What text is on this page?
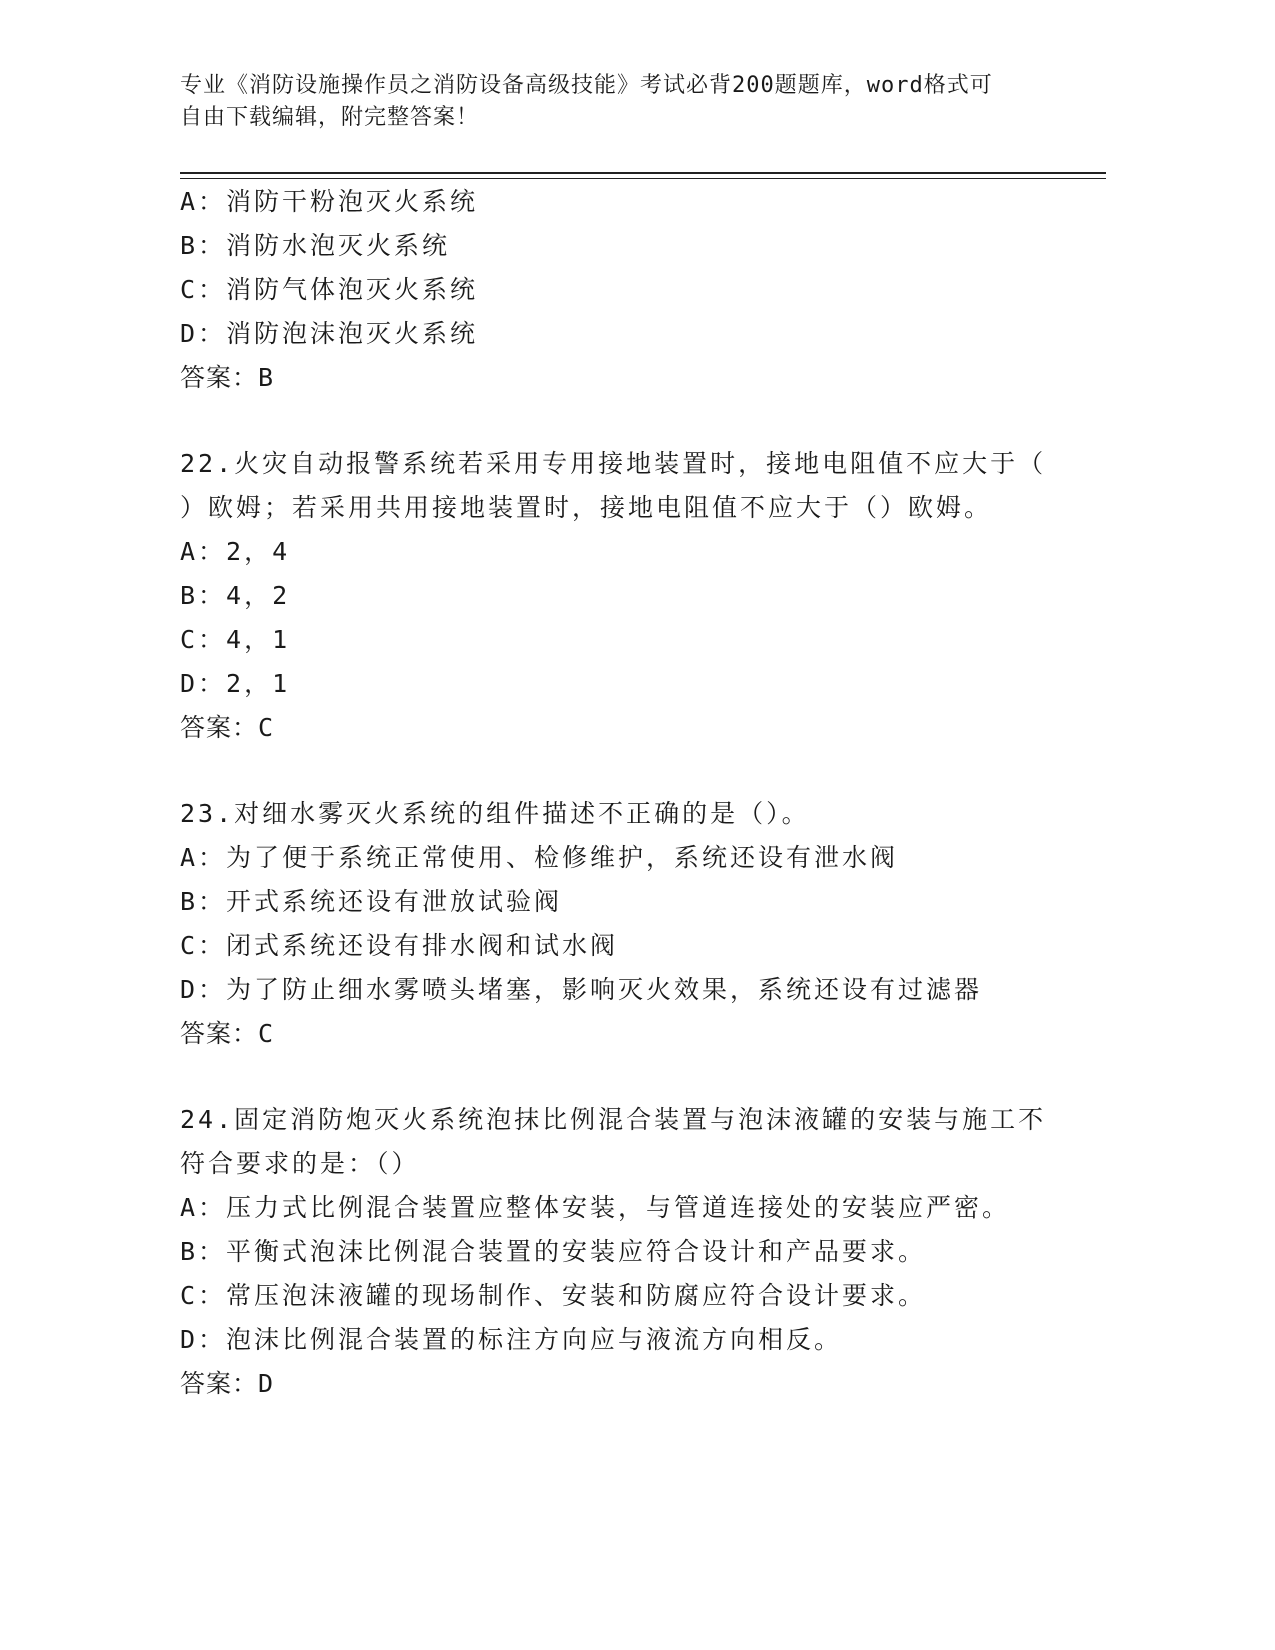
专业《消防设施操作员之消防设备高级技能》考试必背200题题库，word格式可
自由下载编辑，附完整答案！
A：消防干粉泡灭火系统
B：消防水泡灭火系统
C：消防气体泡灭火系统
D：消防泡沫泡灭火系统
答案：B
22.火灾自动报警系统若采用专用接地装置时，接地电阻值不应大于（
）欧姆；若采用共用接地装置时，接地电阻值不应大于（）欧姆。
A：2，4
B：4，2
C：4，1
D：2，1
答案：C
23.对细水雾灭火系统的组件描述不正确的是（）。
A：为了便于系统正常使用、检修维护，系统还设有泄水阀
B：开式系统还设有泄放试验阀
C：闭式系统还设有排水阀和试水阀
D：为了防止细水雾喷头堵塞，影响灭火效果，系统还设有过滤器
答案：C
24.固定消防炮灭火系统泡抹比例混合装置与泡沫液罐的安装与施工不
符合要求的是：（）
A：压力式比例混合装置应整体安装，与管道连接处的安装应严密。
B：平衡式泡沫比例混合装置的安装应符合设计和产品要求。
C：常压泡沫液罐的现场制作、安装和防腐应符合设计要求。
D：泡沫比例混合装置的标注方向应与液流方向相反。
答案：D
